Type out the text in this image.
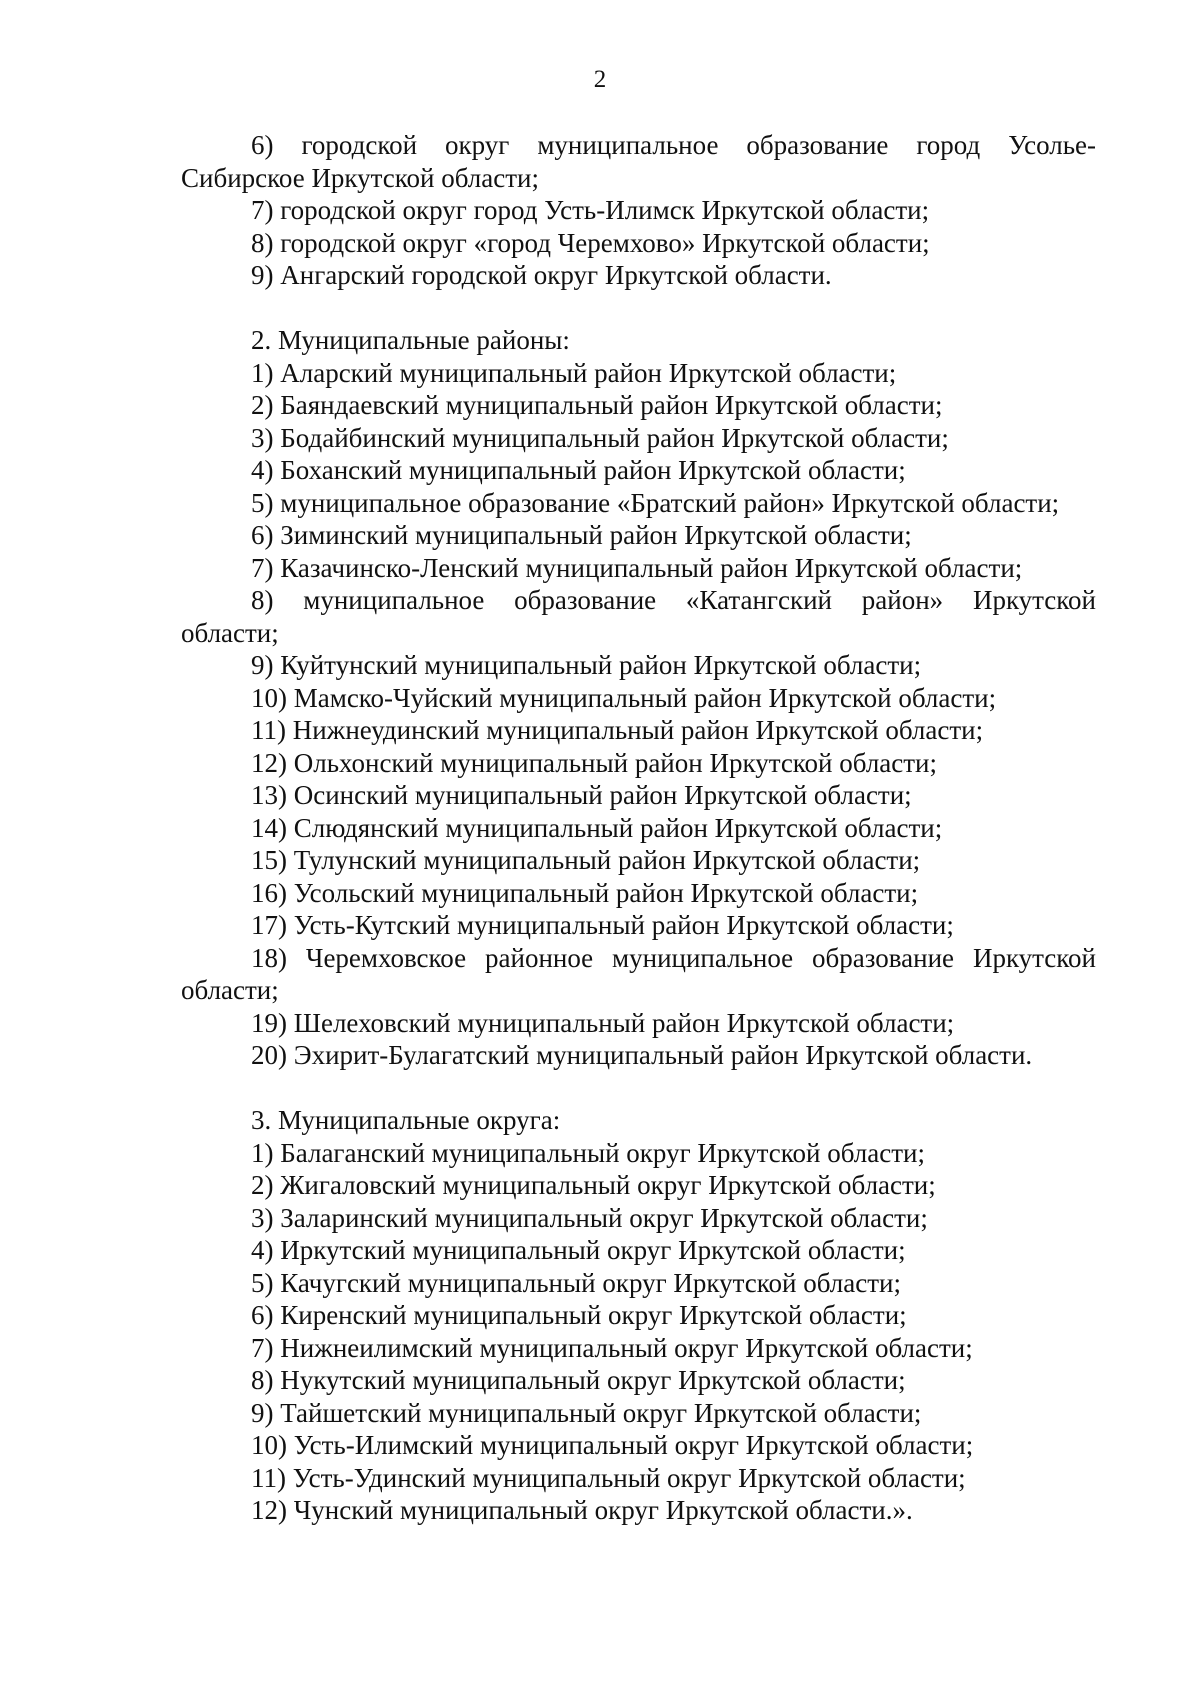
2
6) городской округ муниципальное образование город Усолье-
Сибирское Иркутской области;
7) городской округ город Усть-Илимск Иркутской области;
8) городской округ «город Черемхово» Иркутской области;
9) Ангарский городской округ Иркутской области.
2. Муниципальные районы:
1) Аларский муниципальный район Иркутской области;
2) Баяндаевский муниципальный район Иркутской области;
3) Бодайбинский муниципальный район Иркутской области;
4) Боханский муниципальный район Иркутской области;
5) муниципальное образование «Братский район» Иркутской области;
6) Зиминский муниципальный район Иркутской области;
7) Казачинско-Ленский муниципальный район Иркутской области;
8) муниципальное образование «Катангский район» Иркутской
области;
9) Куйтунский муниципальный район Иркутской области;
10) Мамско-Чуйский муниципальный район Иркутской области;
11) Нижнеудинский муниципальный район Иркутской области;
12) Ольхонский муниципальный район Иркутской области;
13) Осинский муниципальный район Иркутской области;
14) Слюдянский муниципальный район Иркутской области;
15) Тулунский муниципальный район Иркутской области;
16) Усольский муниципальный район Иркутской области;
17) Усть-Кутский муниципальный район Иркутской области;
18) Черемховское районное муниципальное образование Иркутской
области;
19) Шелеховский муниципальный район Иркутской области;
20) Эхирит-Булагатский муниципальный район Иркутской области.
3. Муниципальные округа:
1) Балаганский муниципальный округ Иркутской области;
2) Жигаловский муниципальный округ Иркутской области;
3) Заларинский муниципальный округ Иркутской области;
4) Иркутский муниципальный округ Иркутской области;
5) Качугский муниципальный округ Иркутской области;
6) Киренский муниципальный округ Иркутской области;
7) Нижнеилимский муниципальный округ Иркутской области;
8) Нукутский муниципальный округ Иркутской области;
9) Тайшетский муниципальный округ Иркутской области;
10) Усть-Илимский муниципальный округ Иркутской области;
11) Усть-Удинский муниципальный округ Иркутской области;
12) Чунский муниципальный округ Иркутской области.».
